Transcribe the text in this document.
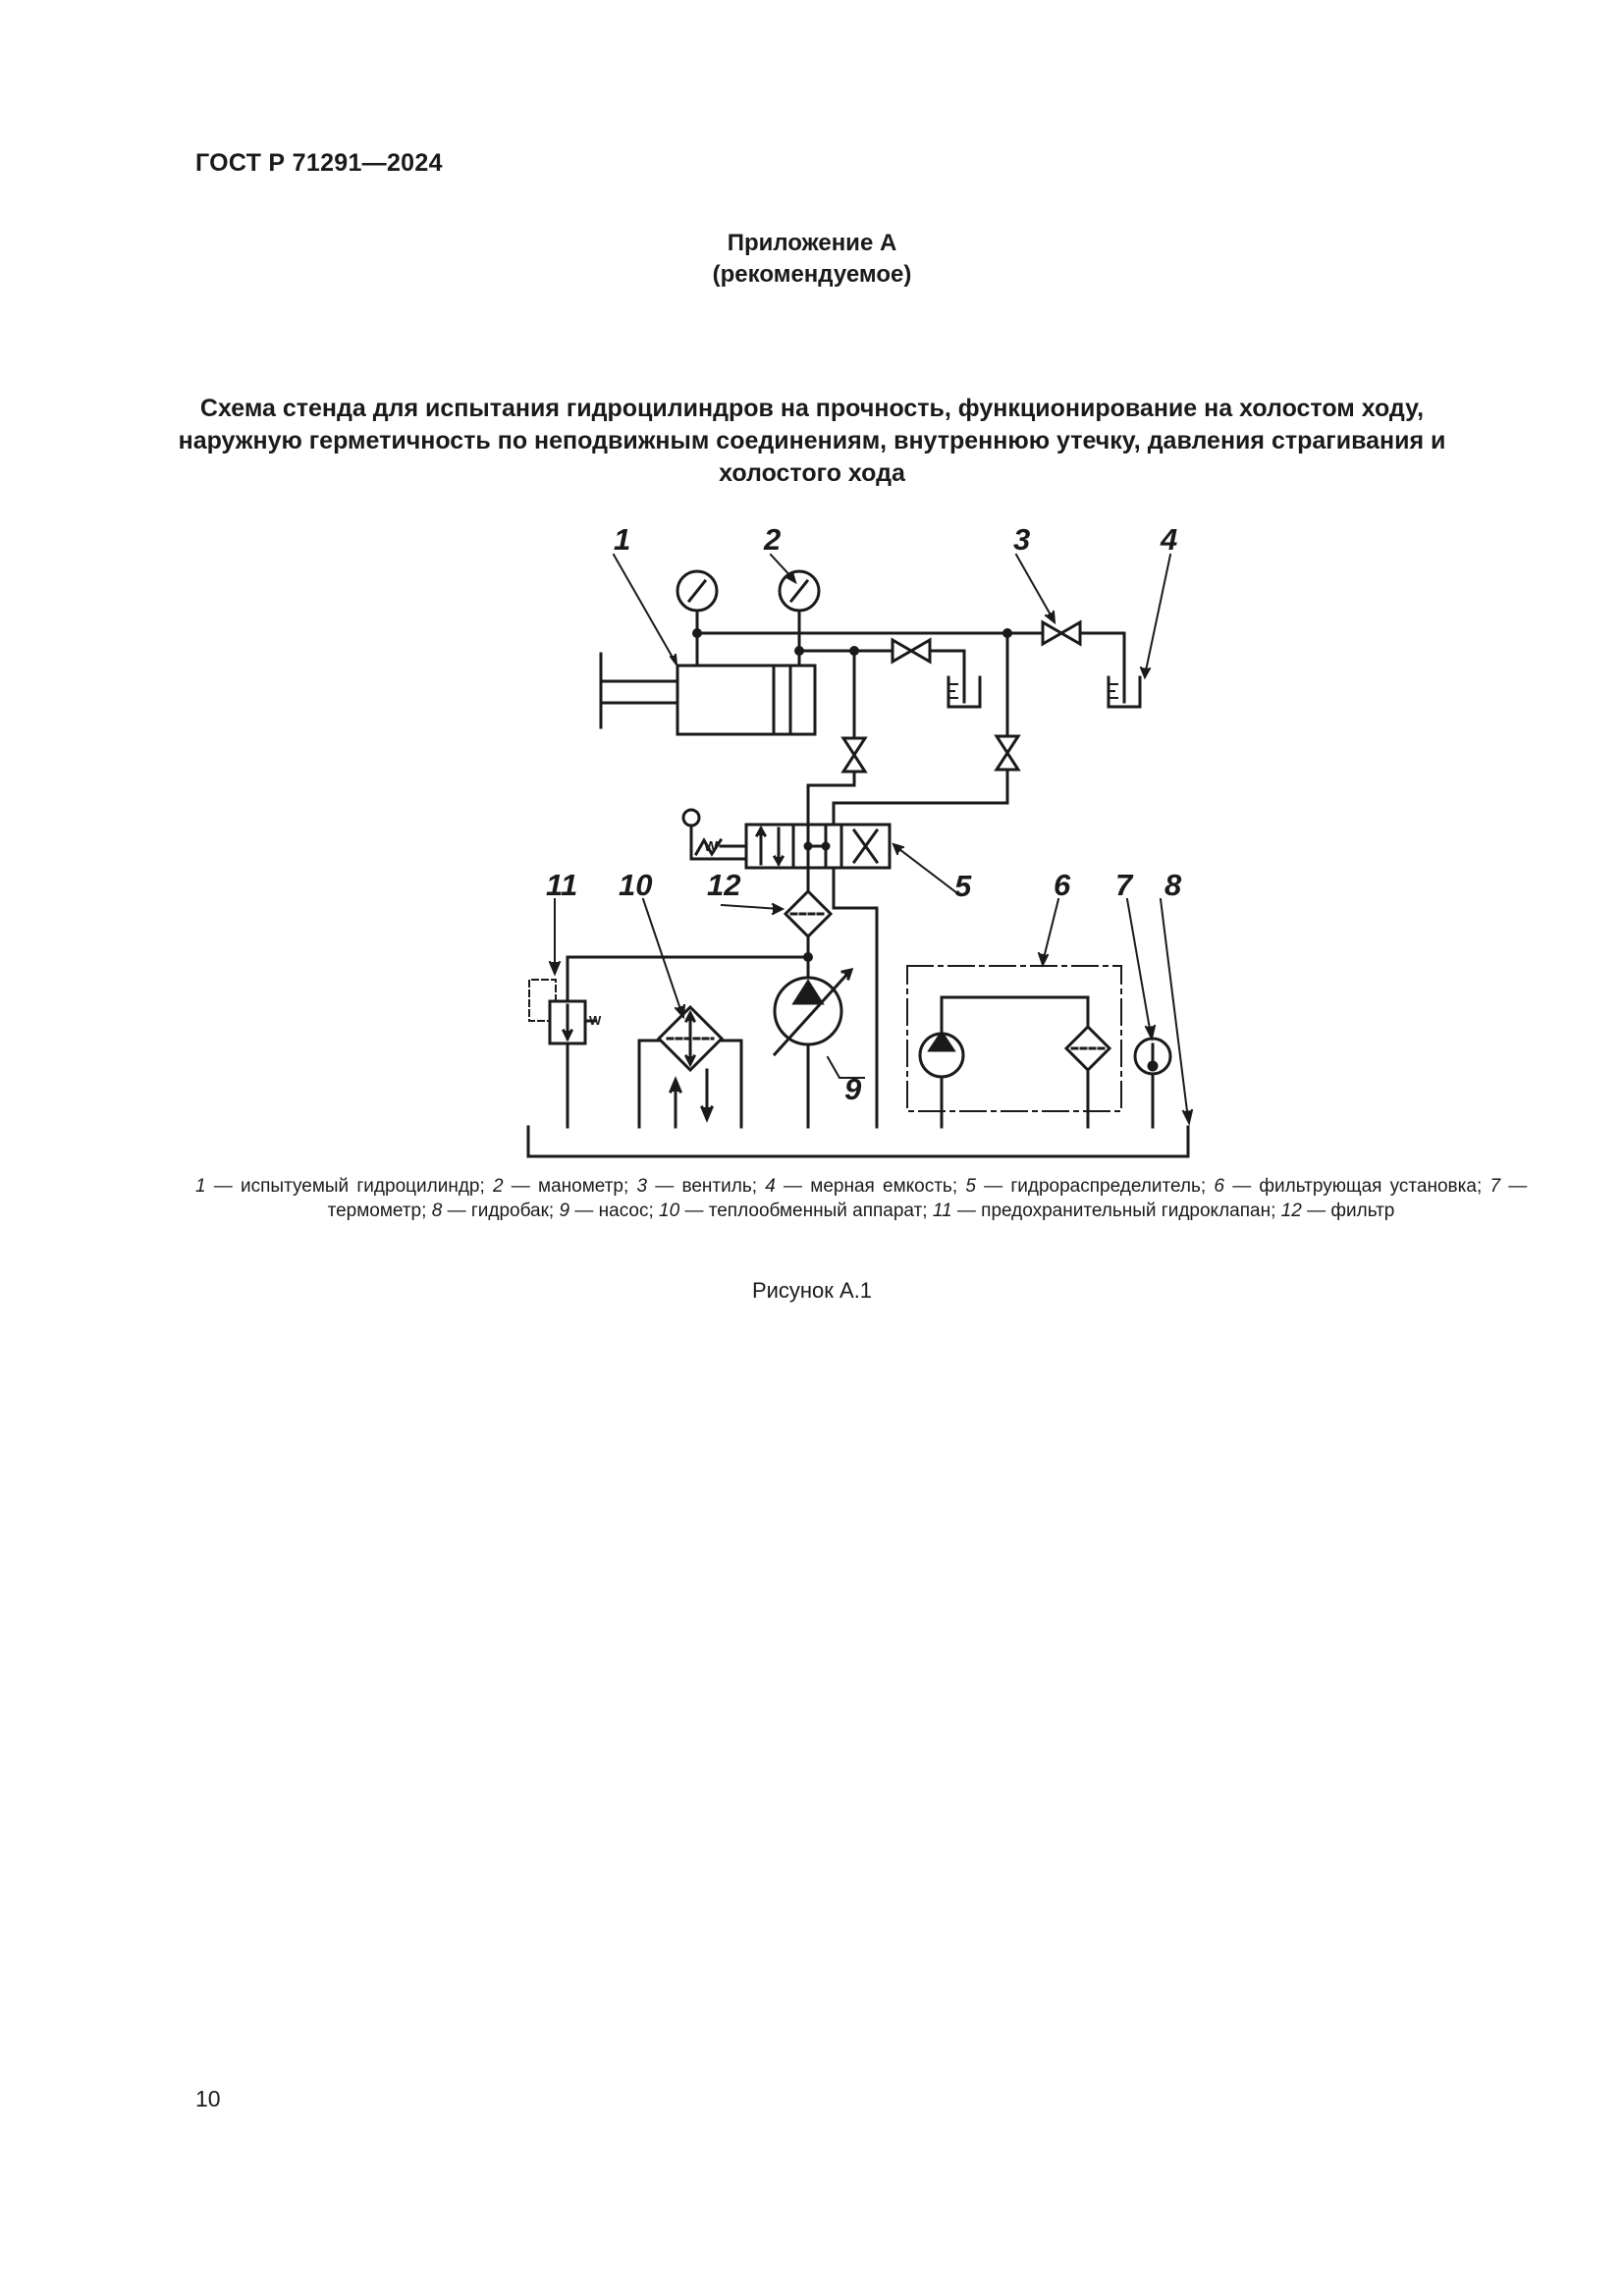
ГОСТ Р 71291—2024
Приложение А
(рекомендуемое)
Схема стенда для испытания гидроцилиндров на прочность, функционирование на холостом ходу, наружную герметичность по неподвижным соединениям, внутреннюю утечку, давления страгивания и холостого хода
1	2	3	4
5	6 7 8
9
10
11	12
W
W
1 — испытуемый гидроцилиндр; 2 — манометр; 3 — вентиль; 4 — мерная емкость; 5 — гидрораспределитель; 6 — фильтрующая установка; 7 — термометр; 8 — гидробак; 9 — насос; 10 — теплообменный аппарат; 11 — предохранительный гидроклапан; 12 — фильтр
Рисунок А.1
10
